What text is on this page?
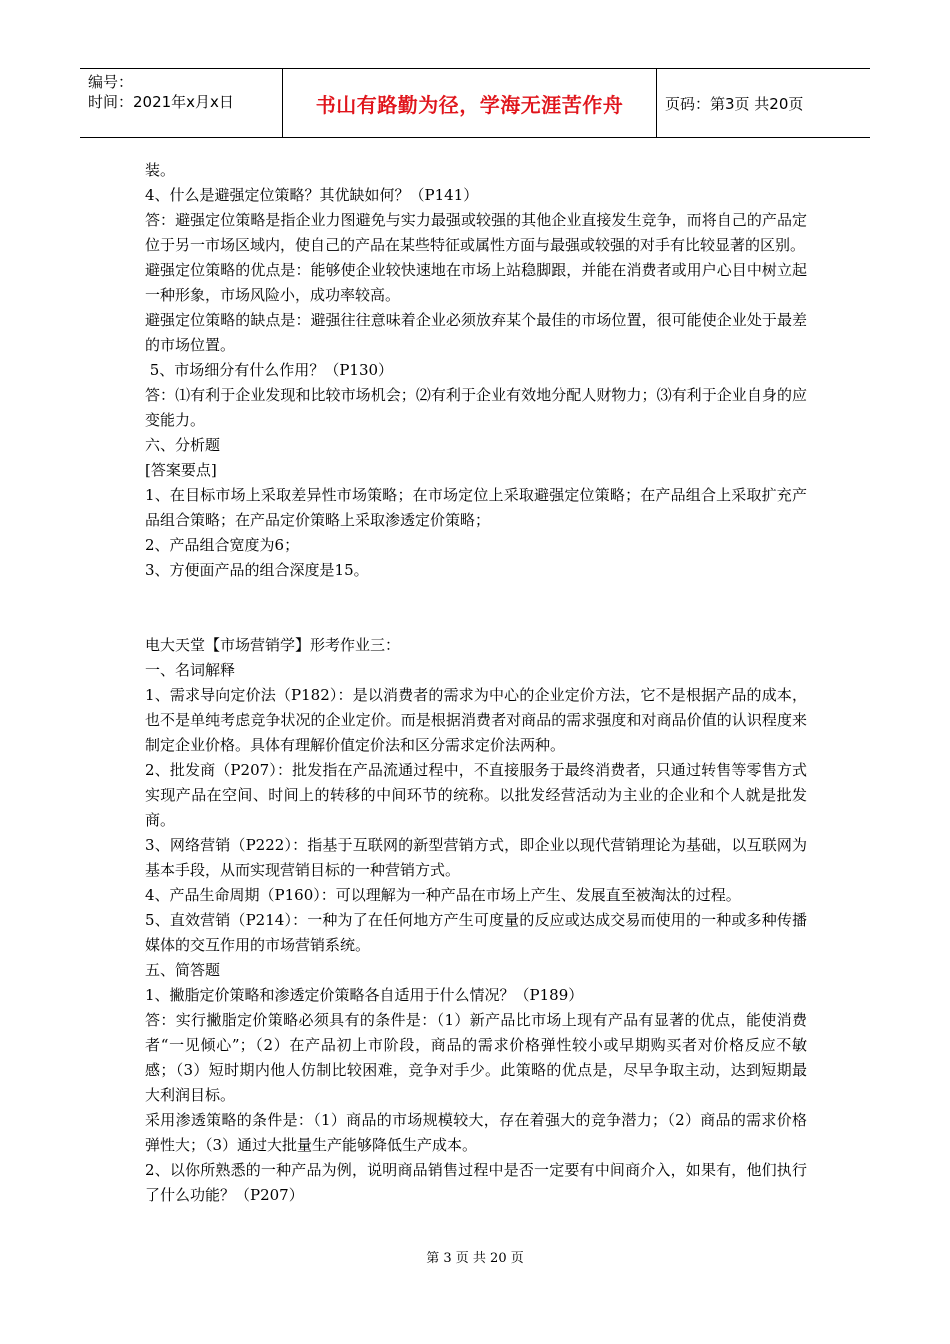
编号：
时间：2021年x月x日	书山有路勤为径，学海无涯苦作舟	页码：第3页 共20页

装。

4、什么是避强定位策略？其优缺如何？（P141）

答：避强定位策略是指企业力图避免与实力最强或较强的其他企业直接发生竞争，而将自己的产品定位于另一市场区域内，使自己的产品在某些特征或属性方面与最强或较强的对手有比较显著的区别。

避强定位策略的优点是：能够使企业较快速地在市场上站稳脚跟，并能在消费者或用户心目中树立起一种形象，市场风险小，成功率较高。

避强定位策略的缺点是：避强往往意味着企业必须放弃某个最佳的市场位置，很可能使企业处于最差的市场位置。

5、市场细分有什么作用？（P130）

答：⑴有利于企业发现和比较市场机会；⑵有利于企业有效地分配人财物力；⑶有利于企业自身的应变能力。

六、分析题

[答案要点]

1、在目标市场上采取差异性市场策略；在市场定位上采取避强定位策略；在产品组合上采取扩充产品组合策略；在产品定价策略上采取渗透定价策略；

2、产品组合宽度为6；

3、方便面产品的组合深度是15。

电大天堂【市场营销学】形考作业三：

一、名词解释

1、需求导向定价法（P182）：是以消费者的需求为中心的企业定价方法，它不是根据产品的成本，也不是单纯考虑竞争状况的企业定价。而是根据消费者对商品的需求强度和对商品价值的认识程度来制定企业价格。具体有理解价值定价法和区分需求定价法两种。

2、批发商（P207）：批发指在产品流通过程中，不直接服务于最终消费者，只通过转售等零售方式实现产品在空间、时间上的转移的中间环节的统称。以批发经营活动为主业的企业和个人就是批发商。

3、网络营销（P222）：指基于互联网的新型营销方式，即企业以现代营销理论为基础，以互联网为基本手段，从而实现营销目标的一种营销方式。

4、产品生命周期（P160）：可以理解为一种产品在市场上产生、发展直至被淘汰的过程。

5、直效营销（P214）：一种为了在任何地方产生可度量的反应或达成交易而使用的一种或多种传播媒体的交互作用的市场营销系统。

五、简答题

1、撇脂定价策略和渗透定价策略各自适用于什么情况？（P189）

答：实行撇脂定价策略必须具有的条件是：（1）新产品比市场上现有产品有显著的优点，能使消费者“一见倾心”；（2）在产品初上市阶段，商品的需求价格弹性较小或早期购买者对价格反应不敏感；（3）短时期内他人仿制比较困难，竞争对手少。此策略的优点是，尽早争取主动，达到短期最大利润目标。

采用渗透策略的条件是：（1）商品的市场规模较大，存在着强大的竞争潜力；（2）商品的需求价格弹性大；（3）通过大批量生产能够降低生产成本。

2、以你所熟悉的一种产品为例，说明商品销售过程中是否一定要有中间商介入，如果有，他们执行了什么功能？（P207）

第 3 页 共 20 页
